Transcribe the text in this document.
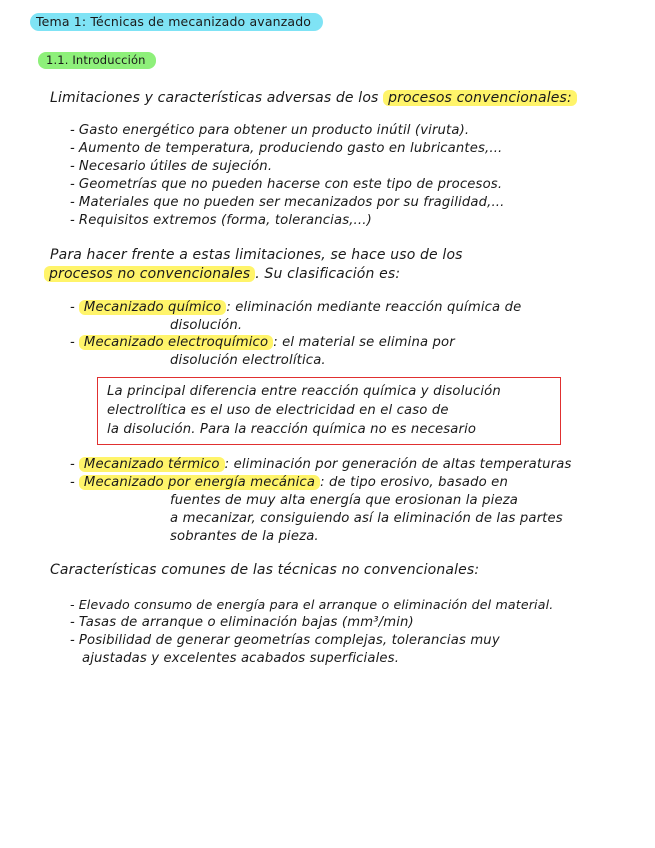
Tema 1: Técnicas de mecanizado avanzado
1.1. Introducción
Limitaciones y características adversas de los procesos convencionales:
- Gasto energético para obtener un producto inútil (viruta).
- Aumento de temperatura, produciendo gasto en lubricantes,...
- Necesario útiles de sujeción.
- Geometrías que no pueden hacerse con este tipo de procesos.
- Materiales que no pueden ser mecanizados por su fragilidad,...
- Requisitos extremos (forma, tolerancias,...)
Para hacer frente a estas limitaciones, se hace uso de los
procesos no convencionales . Su clasificación es:
- Mecanizado químico : eliminación mediante reacción química de
disolución.
- Mecanizado electroquímico : el material se elimina por
disolución electrolítica.
La principal diferencia entre reacción química y disolución
electrolítica es el uso de electricidad en el caso de
la disolución. Para la reacción química no es necesario
- Mecanizado térmico : eliminación por generación de altas temperaturas
- Mecanizado por energía mecánica : de tipo erosivo, basado en
fuentes de muy alta energía que erosionan la pieza
a mecanizar, consiguiendo así la eliminación de las partes
sobrantes de la pieza.
Características comunes de las técnicas no convencionales:
- Elevado consumo de energía para el arranque o eliminación del material.
- Tasas de arranque o eliminación bajas (mm³/min)
- Posibilidad de generar geometrías complejas, tolerancias muy
ajustadas y excelentes acabados superficiales.
